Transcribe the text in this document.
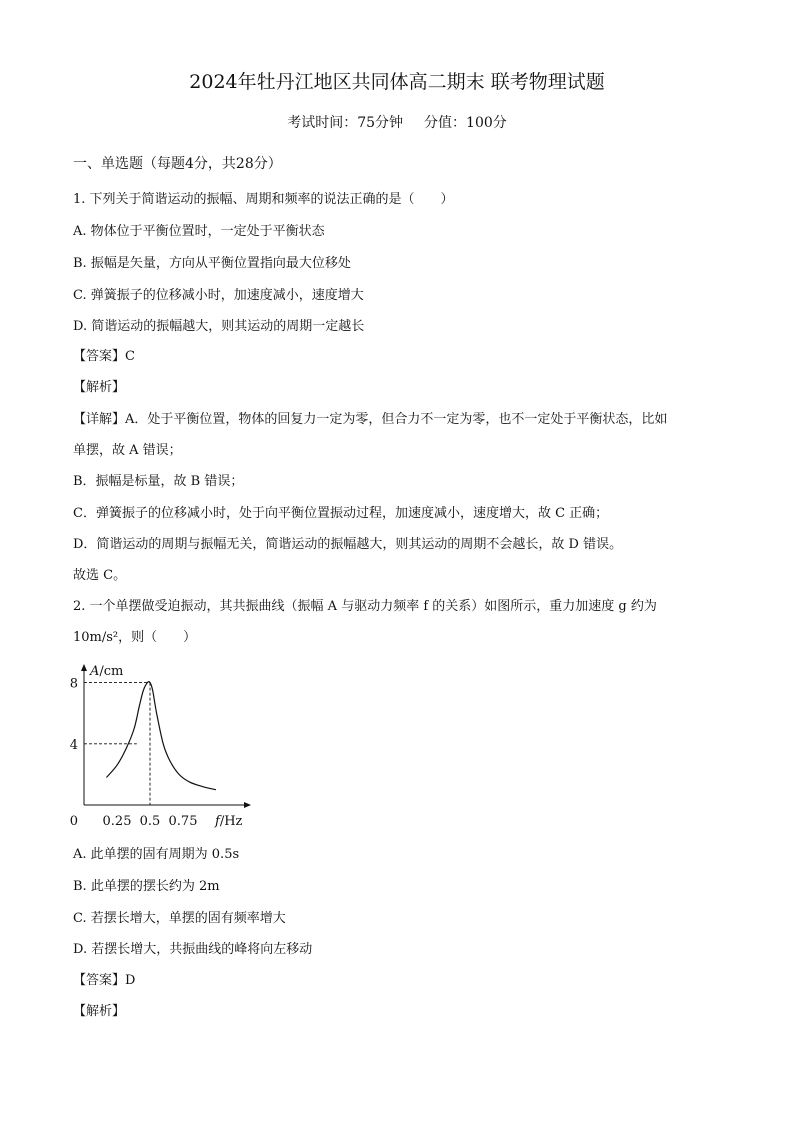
2024年牡丹江地区共同体高二期末 联考物理试题
考试时间：75分钟   分值：100分
一、单选题（每题4分，共28分）
1. 下列关于简谐运动的振幅、周期和频率的说法正确的是（　　）
A. 物体位于平衡位置时，一定处于平衡状态
B. 振幅是矢量，方向从平衡位置指向最大位移处
C. 弹簧振子的位移减小时，加速度减小，速度增大
D. 简谐运动的振幅越大，则其运动的周期一定越长
【答案】C
【解析】
【详解】A．处于平衡位置，物体的回复力一定为零，但合力不一定为零，也不一定处于平衡状态，比如
单摆，故 A 错误；
B．振幅是标量，故 B 错误；
C．弹簧振子的位移减小时，处于向平衡位置振动过程，加速度减小，速度增大，故 C 正确；
D．简谐运动的周期与振幅无关，简谐运动的振幅越大，则其运动的周期不会越长，故 D 错误。
故选 C。
2. 一个单摆做受迫振动，其共振曲线（振幅 A 与驱动力频率 f 的关系）如图所示，重力加速度 g 约为
10m/s²，则（　　）
0.25 0.5 0.75
4
8
A/cm
f/Hz
0
A. 此单摆的固有周期为 0.5s
B. 此单摆的摆长约为 2m
C. 若摆长增大，单摆的固有频率增大
D. 若摆长增大，共振曲线的峰将向左移动
【答案】D
【解析】
